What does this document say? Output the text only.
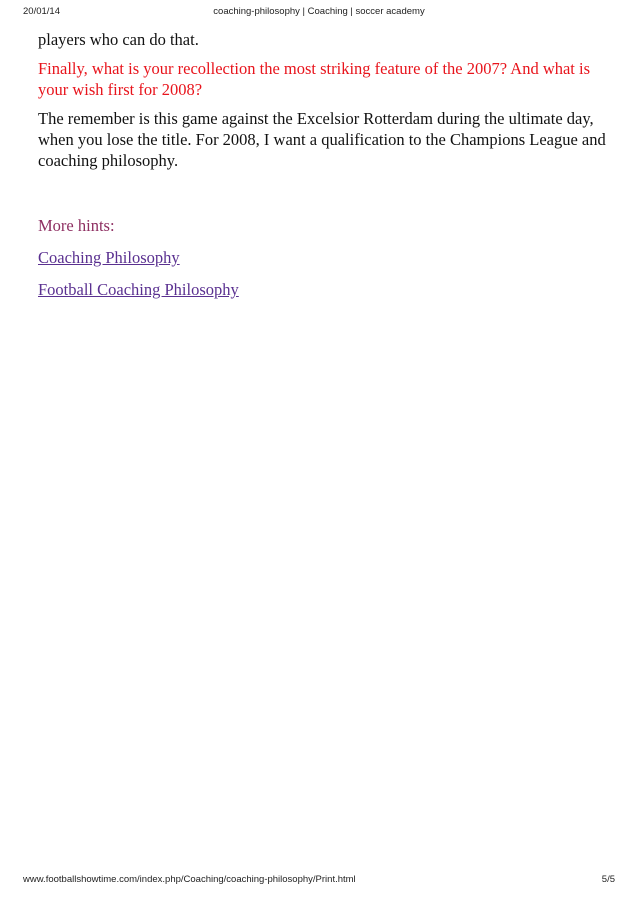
20/01/14	coaching-philosophy | Coaching | soccer academy

players who can do that.

Finally, what is your recollection the most striking feature of the 2007? And what is your wish first for 2008?

The remember is this game against the Excelsior Rotterdam during the ultimate day, when you lose the title. For 2008, I want a qualification to the Champions League and coaching philosophy.

More hints:

Coaching Philosophy

Football Coaching Philosophy

www.footballshowtime.com/index.php/Coaching/coaching-philosophy/Print.html	5/5
